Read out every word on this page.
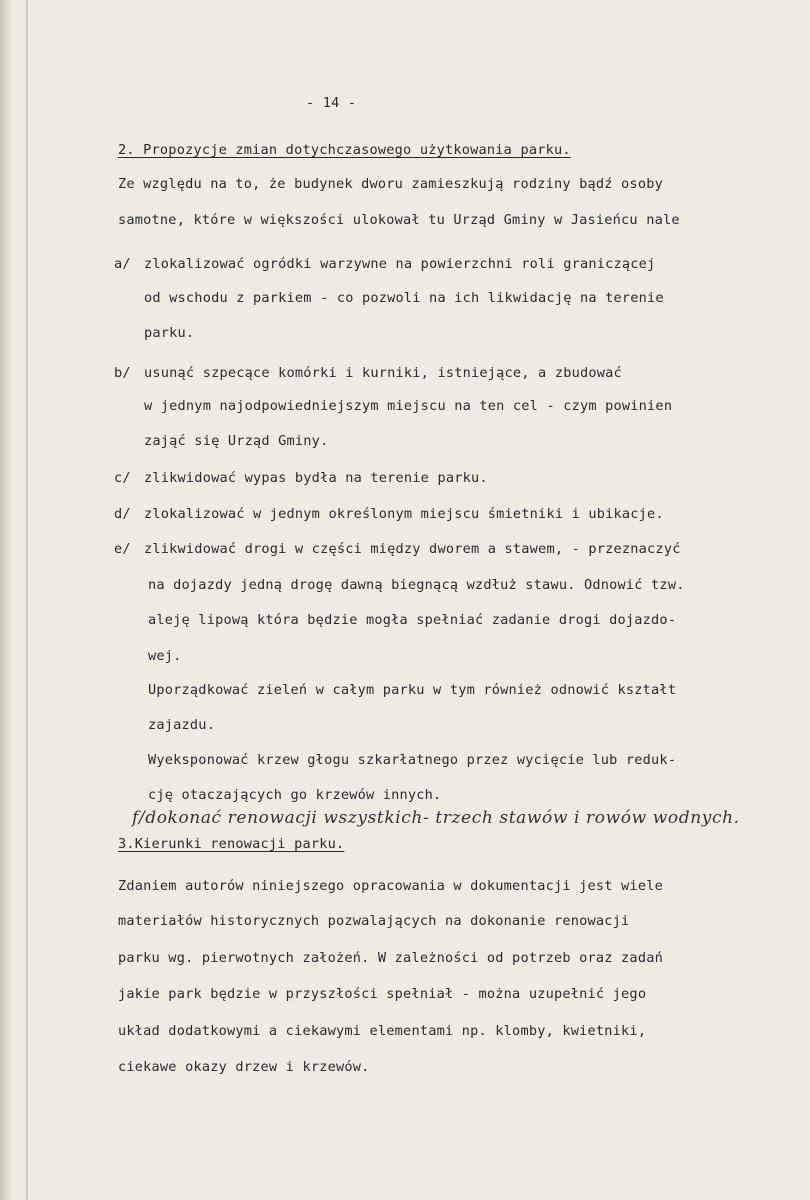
- 14 -
2. Propozycje zmian dotychczasowego użytkowania parku.
Ze względu na to, że budynek dworu zamieszkują rodziny bądź osoby
samotne, które w większości ulokował tu Urząd Gminy w Jasieńcu nale
a/ zlokalizować ogródki warzywne na powierzchni roli graniczącej
od wschodu z parkiem - co pozwoli na ich likwidację na terenie
parku.
b/ usunąć szpecące komórki i kurniki, istniejące, a zbudować
w jednym najodpowiedniejszym miejscu na ten cel - czym powinien
zająć się Urząd Gminy.
c/ zlikwidować wypas bydła na terenie parku.
d/ zlokalizować w jednym określonym miejscu śmietniki i ubikacje.
e/ zlikwidować drogi w części między dworem a stawem, - przeznaczyć
na dojazdy jedną drogę dawną biegnącą wzdłuż stawu. Odnowić tzw.
aleję lipową która będzie mogła spełniać zadanie drogi dojazdo-
wej.
Uporządkować zieleń w całym parku w tym również odnowić kształt
zajazdu.
Wyeksponować krzew głogu szkarłatnego przez wycięcie lub reduk-
cję otaczających go krzewów innych.
f/dokonać renowacji wszystkich- trzech stawów i rowów wodnych.
3.Kierunki renowacji parku.
Zdaniem autorów niniejszego opracowania w dokumentacji jest wiele
materiałów historycznych pozwalających na dokonanie renowacji
parku wg. pierwotnych założeń. W zależności od potrzeb oraz zadań
jakie park będzie w przyszłości spełniał - można uzupełnić jego
układ dodatkowymi a ciekawymi elementami np. klomby, kwietniki,
ciekawe okazy drzew i krzewów.
